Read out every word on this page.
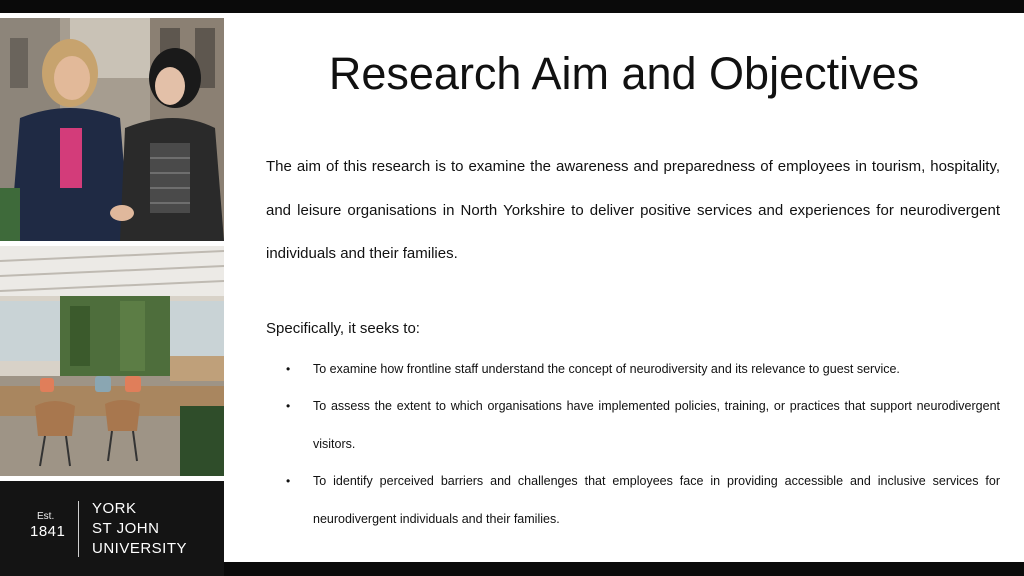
Est.
1841
YORK
ST JOHN
UNIVERSITY
Research Aim and Objectives

The aim of this research is to examine the awareness and preparedness of employees in tourism, hospitality, and leisure organisations in North Yorkshire to deliver positive services and experiences for neurodivergent individuals and their families.

Specifically, it seeks to:

• To examine how frontline staff understand the concept of neurodiversity and its relevance to guest service.
• To assess the extent to which organisations have implemented policies, training, or practices that support neurodivergent visitors.
• To identify perceived barriers and challenges that employees face in providing accessible and inclusive services for neurodivergent individuals and their families.
